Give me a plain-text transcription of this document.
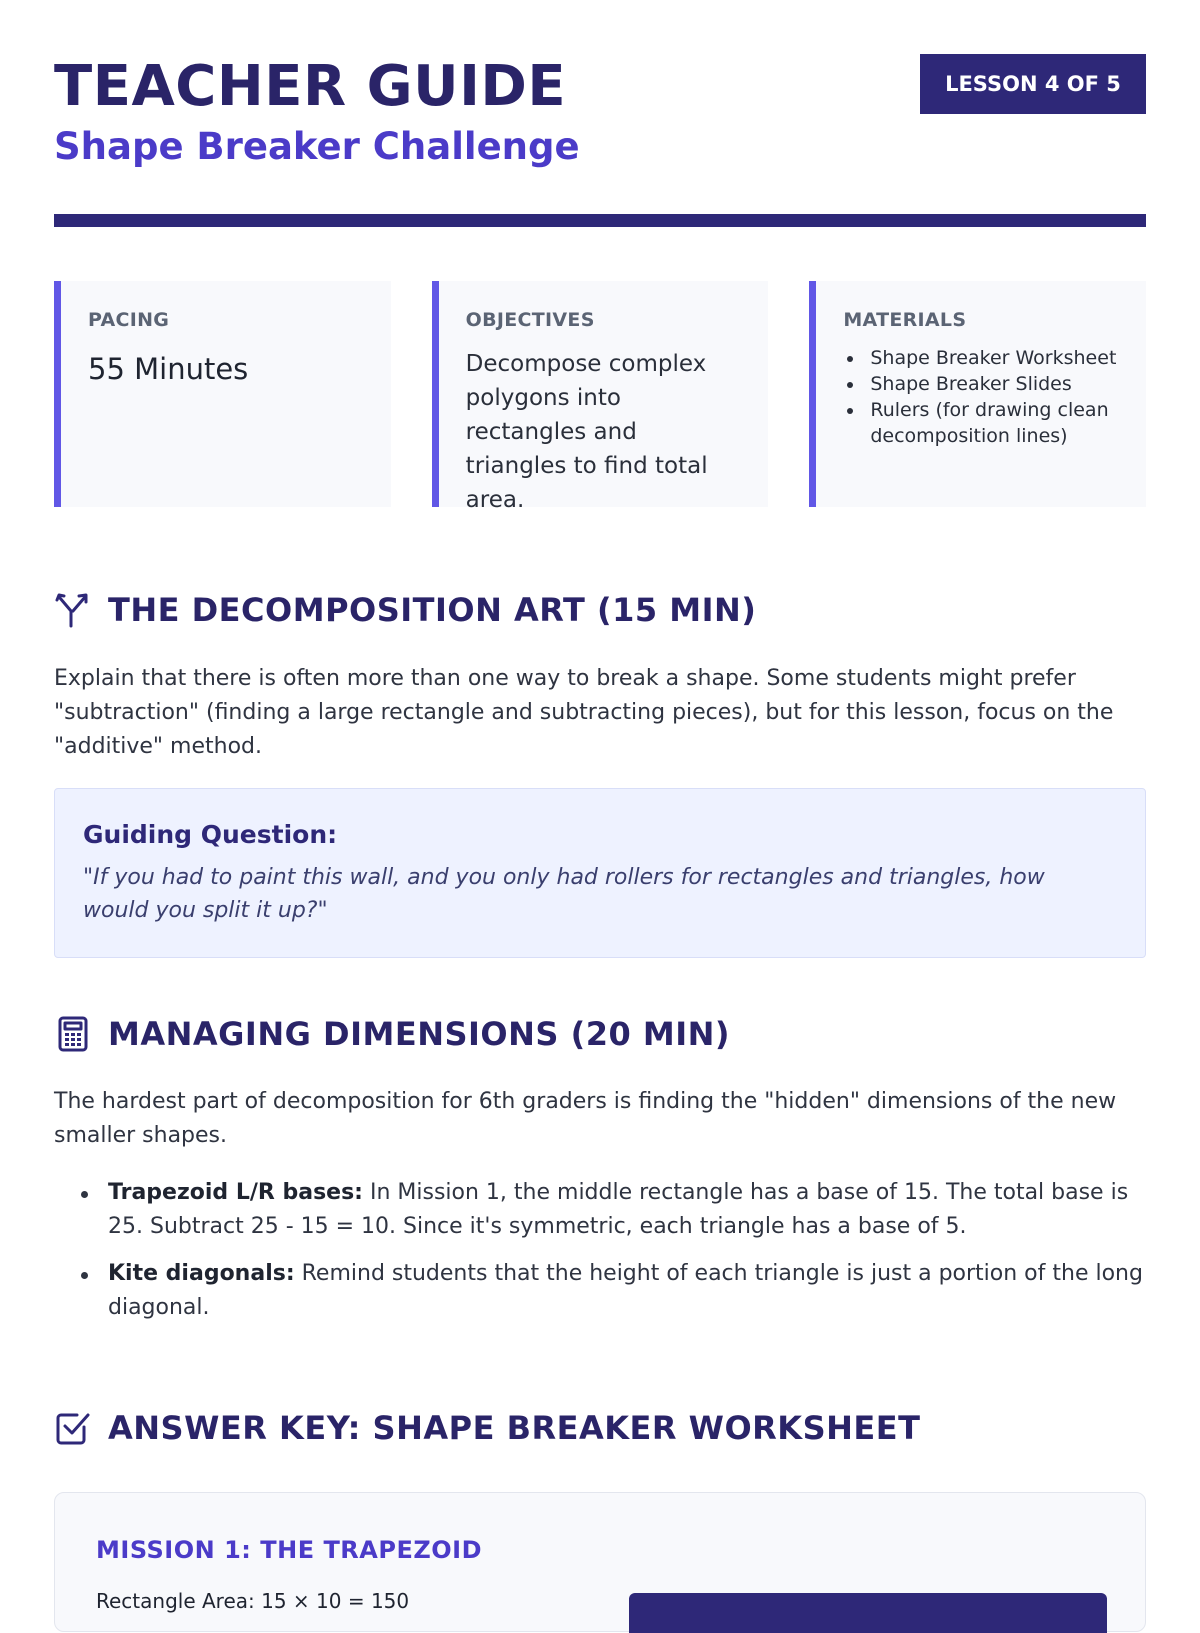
TEACHER GUIDE
Shape Breaker Challenge
LESSON 4 OF 5
PACING
55 Minutes
OBJECTIVES
Decompose complex polygons into rectangles and triangles to find total area.
MATERIALS
Shape Breaker Worksheet
Shape Breaker Slides
Rulers (for drawing clean decomposition lines)
THE DECOMPOSITION ART (15 MIN)
Explain that there is often more than one way to break a shape. Some students might prefer "subtraction" (finding a large rectangle and subtracting pieces), but for this lesson, focus on the "additive" method.
Guiding Question:
"If you had to paint this wall, and you only had rollers for rectangles and triangles, how would you split it up?"
MANAGING DIMENSIONS (20 MIN)
The hardest part of decomposition for 6th graders is finding the "hidden" dimensions of the new smaller shapes.
Trapezoid L/R bases: In Mission 1, the middle rectangle has a base of 15. The total base is 25. Subtract 25 - 15 = 10. Since it's symmetric, each triangle has a base of 5.
Kite diagonals: Remind students that the height of each triangle is just a portion of the long diagonal.
ANSWER KEY: SHAPE BREAKER WORKSHEET
MISSION 1: THE TRAPEZOID
Rectangle Area: 15 × 10 = 150
